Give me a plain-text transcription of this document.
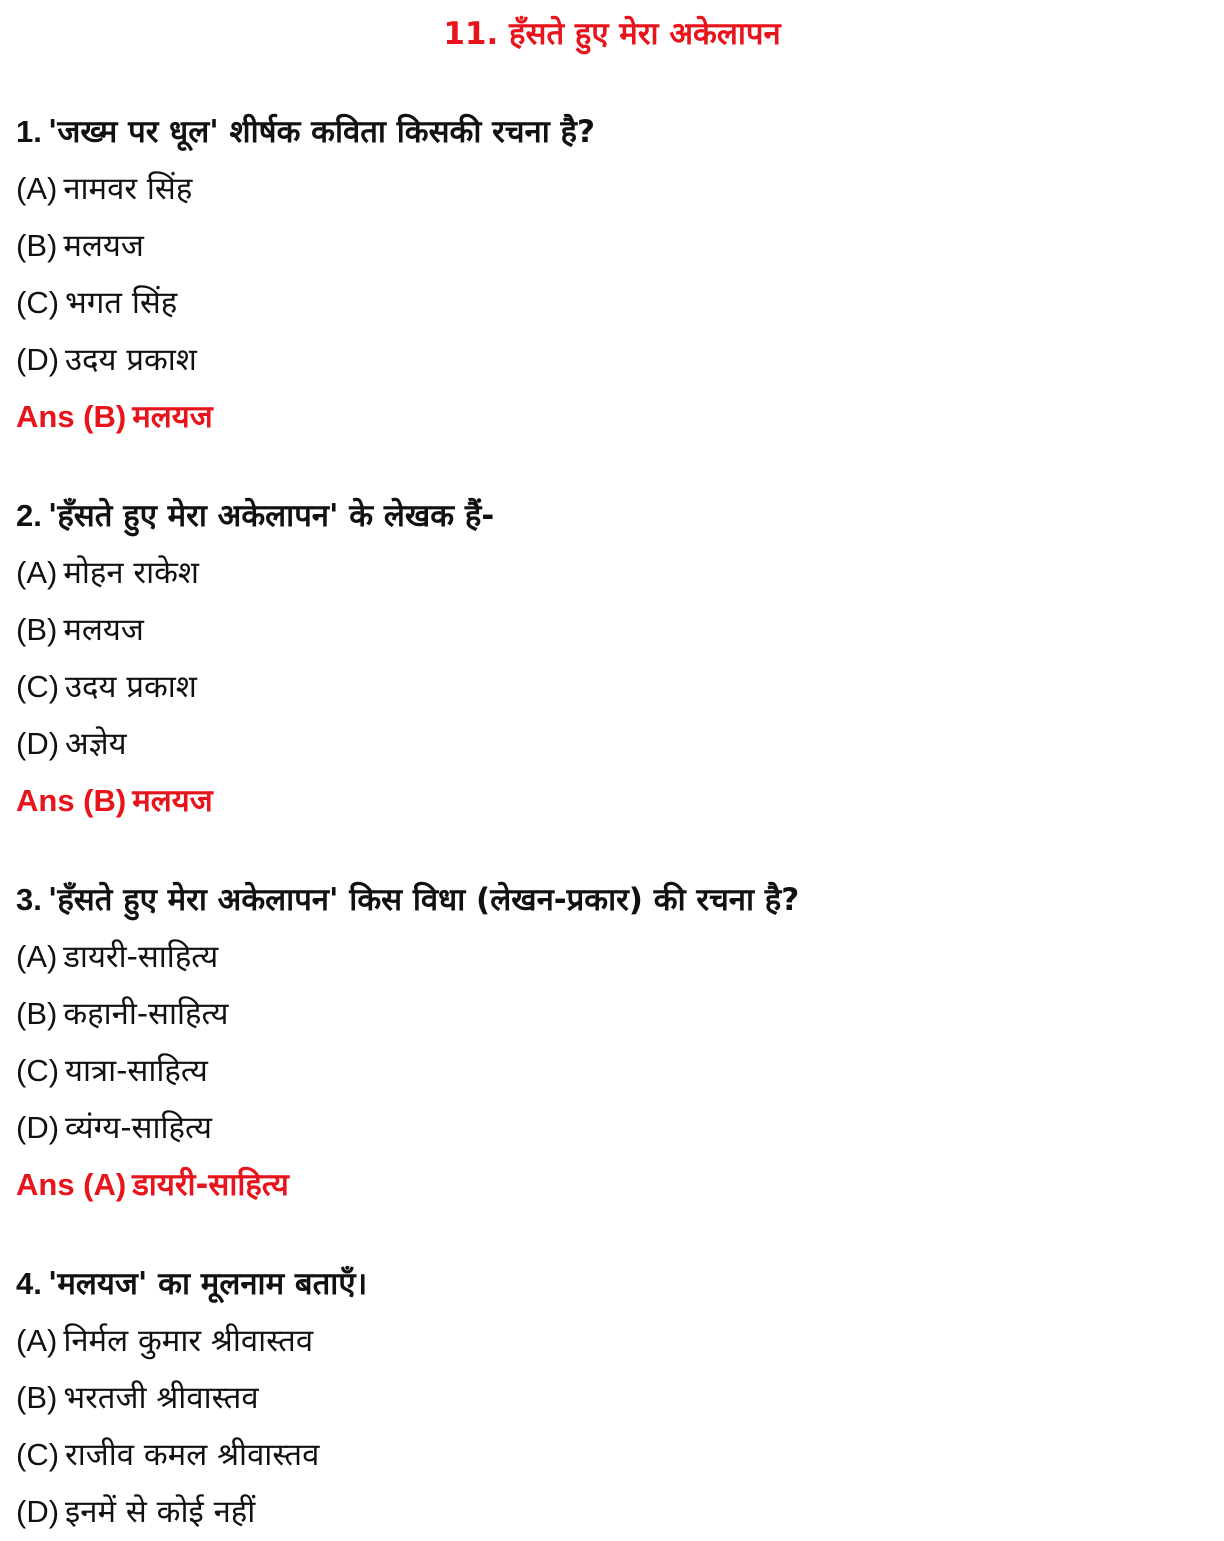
11. हँसते हुए मेरा अकेलापन

1. 'जख्म पर धूल' शीर्षक कविता किसकी रचना है?

(A) नामवर सिंह

(B) मलयज

(C) भगत सिंह

(D) उदय प्रकाश

Ans (B) मलयज

2. 'हँसते हुए मेरा अकेलापन' के लेखक हैं-

(A) मोहन राकेश

(B) मलयज

(C) उदय प्रकाश

(D) अज्ञेय

Ans (B) मलयज

3. 'हँसते हुए मेरा अकेलापन' किस विधा (लेखन-प्रकार) की रचना है?

(A) डायरी-साहित्य

(B) कहानी-साहित्य

(C) यात्रा-साहित्य

(D) व्यंग्य-साहित्य

Ans (A) डायरी-साहित्य

4. 'मलयज' का मूलनाम बताएँ।

(A) निर्मल कुमार श्रीवास्तव

(B) भरतजी श्रीवास्तव

(C) राजीव कमल श्रीवास्तव

(D) इनमें से कोई नहीं
